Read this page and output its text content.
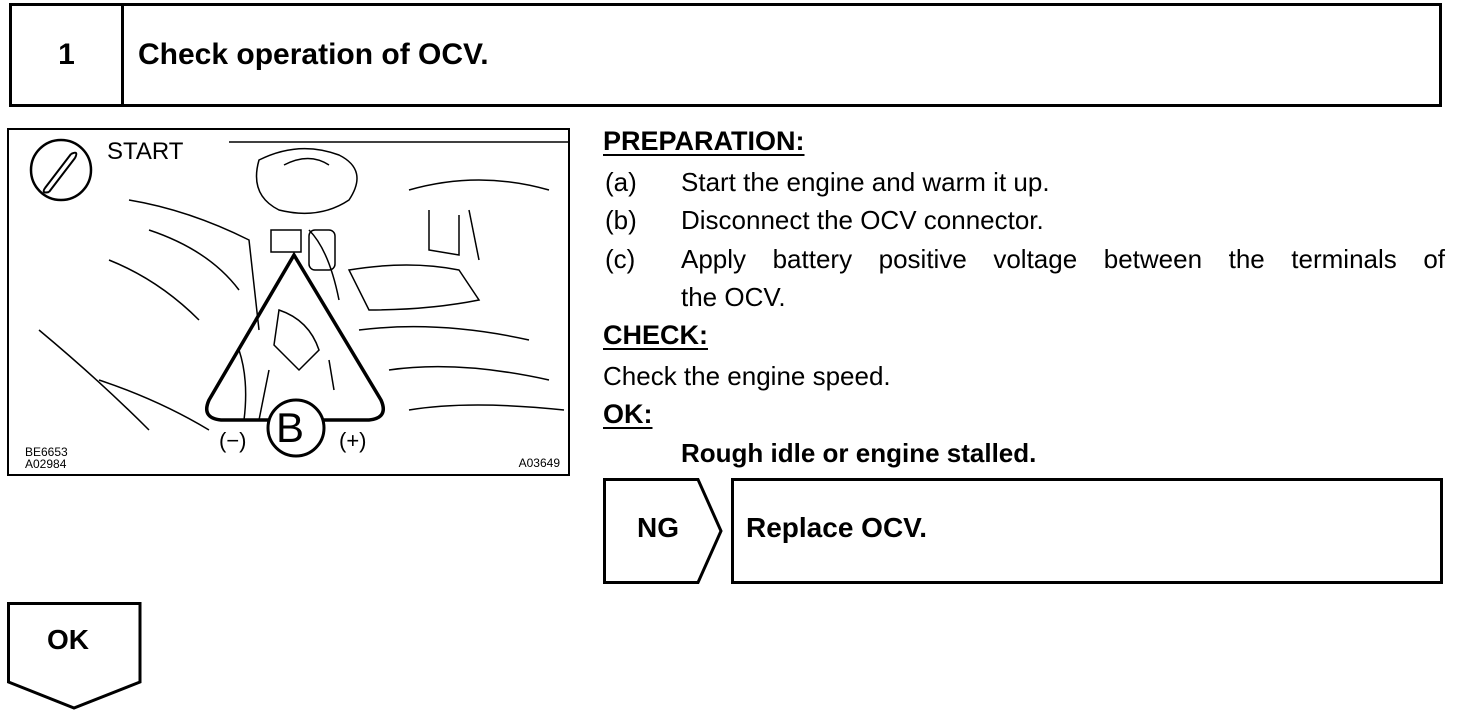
1	Check operation of OCV.
START
B
(−)	(+)
BE6653
A02984	A03649
PREPARATION:
(a) Start the engine and warm it up.
(b) Disconnect the OCV connector.
(c) Apply battery positive voltage between the terminals of
the OCV.
CHECK:
Check the engine speed.
OK:
Rough idle or engine stalled.
NG Replace OCV.
OK
